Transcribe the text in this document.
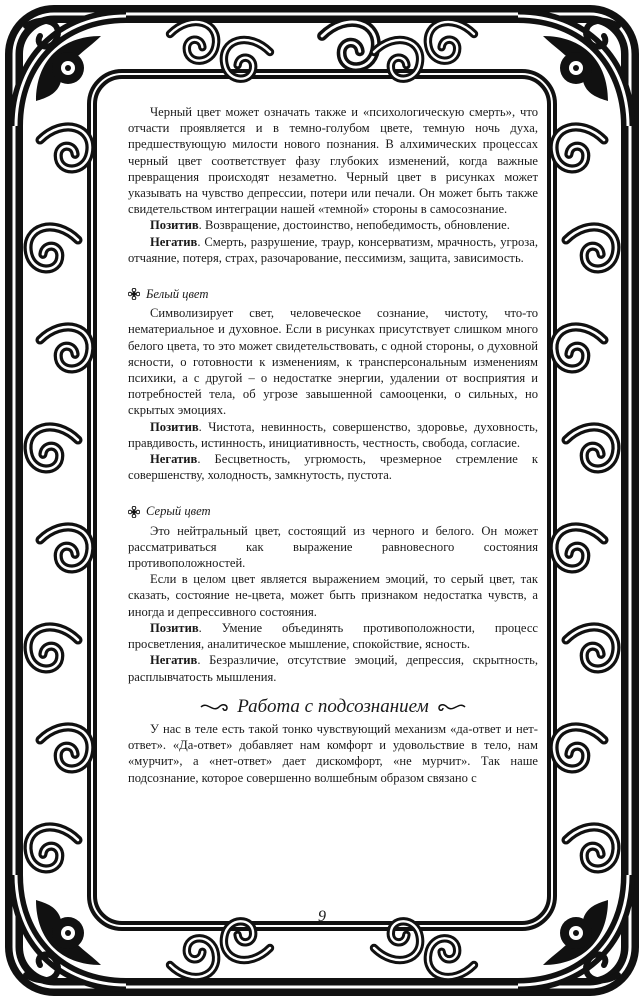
Черный цвет может означать также и «психологическую смерть», что отчасти проявляется и в темно-голубом цвете, темную ночь духа, предшествующую милости нового познания. В алхимических процессах черный цвет соответствует фазу глубоких изменений, когда важные превращения происходят незаметно. Черный цвет в рисунках может указывать на чувство депрессии, потери или печали. Он может быть также свидетельством интеграции нашей «темной» стороны в самосознание.

Позитив. Возвращение, достоинство, непобедимость, обновление.

Негатив. Смерть, разрушение, траур, консерватизм, мрачность, угроза, отчаяние, потеря, страх, разочарование, пессимизм, защита, зависимость.

Белый цвет

Символизирует свет, человеческое сознание, чистоту, что-то нематериальное и духовное. Если в рисунках присутствует слишком много белого цвета, то это может свидетельствовать, с одной стороны, о духовной ясности, о готовности к изменениям, к трансперсональным изменениям психики, а с другой – о недостатке энергии, удалении от восприятия и потребностей тела, об угрозе завышенной самооценки, о сильных, но скрытых эмоциях.

Позитив. Чистота, невинность, совершенство, здоровье, духовность, правдивость, истинность, инициативность, честность, свобода, согласие.

Негатив. Бесцветность, угрюмость, чрезмерное стремление к совершенству, холодность, замкнутость, пустота.

Серый цвет

Это нейтральный цвет, состоящий из черного и белого. Он может рассматриваться как выражение равновесного состояния противоположностей.

Если в целом цвет является выражением эмоций, то серый цвет, так сказать, состояние не-цвета, может быть признаком недостатка чувств, а иногда и депрессивного состояния.

Позитив. Умение объединять противоположности, процесс просветления, аналитическое мышление, спокойствие, ясность.

Негатив. Безразличие, отсутствие эмоций, депрессия, скрытность, расплывчатость мышления.

Работа с подсознанием

У нас в теле есть такой тонко чувствующий механизм «да-ответ и нет-ответ». «Да-ответ» добавляет нам комфорт и удовольствие в тело, нам «мурчит», а «нет-ответ» дает дискомфорт, «не мурчит». Так наше подсознание, которое совершенно волшебным образом связано с

9
